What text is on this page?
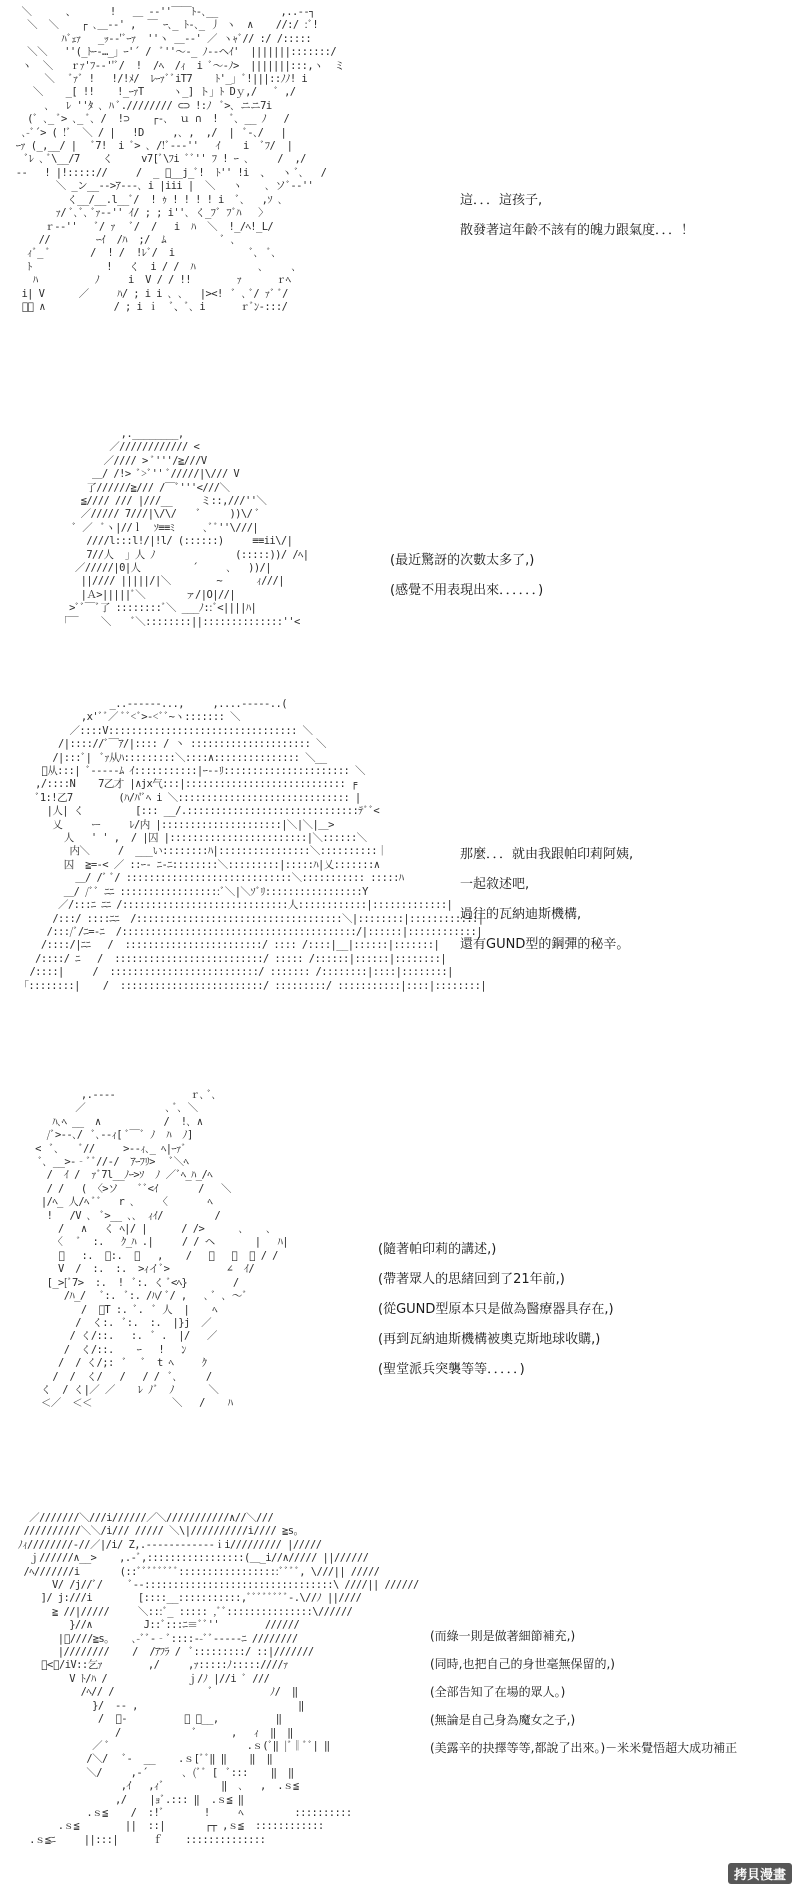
＼      、      !   ＿ -‐''￣￣ﾄ-､__           ,..-‐┐
＼  ＼    ┌ ､＿-‐' ,  ￣ ｰ､_ ﾄ-､_ 丿 ヽ  ∧    //:/ :ﾞ!
ﾊﾞｪｧ   _ｯ-‐'ﾞｰｧ  ''ヽ ＿-‐' ／ ヽｬﾞ// :/ /:::::
＼＼   ''(_ﾄｰ-…_」ｰ'´ /  ﾞ''～-_ ﾉ-‐ヘｲ'  |||||||:::::::/
ヽ  ＼   ｒｧ'ﾌ-‐''ﾞ/  !  /ﾍ  /ｨ  i ﾞ～-ﾉ>  |||||||:::,ヽ  ミ
＼   ﾞｧﾞ !   !/!ﾒ/  ﾚｰｧﾞﾞiT7    ﾄ'_」ﾞ!|||::ﾉﾉ! i
＼    _[ !!    !_ｰｧT     ヽ_] ト」ﾄ Dｙ,/   ﾞ ,/
､   ﾚ ''ﾀ ､ ﾊ ﾞ.//////// ⊂⊃ !:ﾉ  ﾞ>､ ニニ7i
(ﾞ ､_ ﾞ> ､_ ﾞ､ /  !⊃    ┌-､  ｕ ∩  !  ﾞ､ __ ﾉ   /
､-ﾞ´> ( !ﾞ  ＼ / |   !D     ,､ ,  ,/  |  ﾞ-､/   |
ｰｧ (_,__/ |   ﾞ7!  i ﾞ> ､ /!ﾞ-‐-''   ｲ    i  ﾞﾌ/  |
ﾞﾚ ､ ﾞ\__/7    く     v7[ﾞ\ﾌi ﾞﾞ'' ﾌ ! ｰ ､     /  ,/
‐‐   ! |!::::://     /  _ ﾞ__j_ﾞ!  ﾄ'' !i  、  ヽ ﾞ､   /
＼ _ン__-‐>ｱ‐‐‐､ i |iii |  ＼   ヽ    ､ ソﾞ‐-''
く__/__.l__ﾞ/  ! ｩ ! ! ! ! i  ﾞ､   ,ｿ ､
ｧ/ ﾞ､ﾞ､ ﾞｧ‐‐'' ｲ/ ; ; i''､ く_ﾌﾞ ﾌﾞﾊ   〉
ｒ‐‐''   ﾞ/ ｧ   ﾞ/  /   i  ﾊ  ＼  !_/ﾍ!_L/
//        ｰｲ  /ﾊ  ;/  ﾑ          ﾞ ､
ｨﾞ_ ﾞ       /  ! /  !ﾚﾞ/  i             ﾞ､  ﾞ､
ﾄ             !   く  i / /  ﾊ           ､     ､
ﾊ          ﾉ     i  V / / !!        ｧ      ｒﾍ
i| V      ／     ﾊ/ ; i i ､ ､   |><!  ﾞ ､ ﾞ/ ｧﾞ ﾞ/
ﾞ､ ∧            / ; i ｉ  ﾞ、ﾞ､ i      ｒﾞﾝ-:::/
這．．．這孩子,
散發著這年齡不該有的魄力跟氣度．．．！
,.________,
／//////////// <
／//// > ﾞ'''/≧///V
＿/ /!> ﾞ>ﾞ'' ﾞ/////|\/// V
了//////≧/// /￣ﾞ'''<///＼
≦//// /// |///__     ミ::,///''＼
／///// 7///|\/\/    ﾞ     ))\/ ﾞ
ﾞ ／  ﾞヽ|//ｌ  ｿ≡≡ﾐ     ､ﾞﾞ''\///|
////l:::l!/|!l/ (::::::)     ≡≡ii\/|
7//人  」人 ﾉ              (:::::))/ /ﾍ|
／/////|0|人         ´     ､   ))/|
||//// |||||/|＼        ~      ｨ///|
|Ａ>|||||ﾞ＼       ァ/|O|//|
>ﾞﾞ￣ﾞ了 ::::::::ﾞ＼ ___ﾉ::ﾞ<||||ﾊ|
｢￣    ＼    ﾞ＼::::::::||::::::::::::::''<
(最近驚訝的次數太多了,)
(感覺不用表現出來．．．．．．)
_..-‐‐‐‐‐...,     ,....--‐‐‐..(
,x'ﾞﾞ／ ﾞﾞ<ﾞ>-<ﾞﾞ~ヽ::::::: ＼
／::::V::::::::::::::::::::::::::::::::: ＼
/|:::://ﾞ￣ｱ/|:::: / 丶 ::::::::::::::::::::: ＼
/|:::ﾞ|  ﾞｧ从ﾊ:::::::::＼::::∧::::::::::::::: ＼__
ﾞ从:::| ﾞ-‐‐‐‐ﾑ ｲ:::::::::::|ｰ-‐ﾘ:::::::::::::::::::::: ＼
,/::::N    7乙才 |∧jx气:::|:::::::::::::::::::::::::::: ╒
ﾞ1:!乙7        (ﾊ/ﾊ'ﾞﾍ i ＼:::::::::::::::::::::::::::::: |
|人| く         [::: __/.::::::::::::::::::::::::::::::ﾃﾞﾞ<
乂     ー     ﾚ/内 |:::::::::::::::::::::|＼|＼|＿>
人   ' ' ,  / |囚 |::::::::::::::::::::::::|＼::::::＼
内＼     /  ___い::::::::ﾊ|::::::::::::::::＼::::::::::｜
囚  ≧=-< ／ ::ｰ- ﾆ-ﾆ::::::::＼:::::::::|:::::ﾊ|乂:::::::∧
＿/ /ﾞ ﾞ/ :::::::::::::::::::::::::::::＼::::::::::: :::::ﾊ
＿/ /ﾞﾞ ﾆﾆ ::::::::::::::::::ﾞ＼|＼ｿﾞﾘ:::::::::::::::::Y
／/:::ﾆ ﾆﾆ /:::::::::::::::::::::::::::::人::::::::::::|:::::::::::::|
/:::/ ::::ﾆﾆ  /::::::::::::::::::::::::::::::::::::＼|::::::::|::::::::::::|
/:::/ﾞ/ﾆ=-ﾆ  /:::::::::::::::::::::::::::::::::::::::::/|::::::|::::::::::::|
/::::/|ﾆﾆ   /  ::::::::::::::::::::::::/ :::: /::::|__|::::::|:::::::|
/::::/ ﾆ   /  ::::::::::::::::::::::::::/ ::::: /::::::|::::::|::::::::|
/::::|     /  ::::::::::::::::::::::::::/ ::::::: /::::::::|::::|::::::::|
｢::::::::|    /  :::::::::::::::::::::::::/ :::::::::/ :::::::::::|::::|::::::::|
那麼．．．就由我跟帕印莉阿姨,
一起敘述吧,
過往的瓦納迪斯機構,
還有GUND型的鋼彈的秘辛。
,.----             ｒ､ ﾞ､
／              ､ ﾞ､ ＼
ﾊ､ﾍ __  ∧           /  !､ ∧
/ﾞ>-‐､/  ﾞ､-‐ｨ[ ﾞ￣ﾞ ﾉ  ﾊ  ﾉ]
<  ﾞ､    ﾞ//     >-‐ｨ､_ ﾍ|ｰｧﾞ
ﾞ､ __>-‐ﾞﾞ//-/  ｱｰﾌﾘ>   ﾞ＼ﾍ
/  ｲ /  ｧﾞ7l__ﾉｰ>ｿ  ﾉ ／ﾞﾍ_ﾊ_/ﾍ
/ /   ( 〈>ソ    ﾞﾞ<ｲ       /   ＼
|/ﾍ_ 人/ﾍ ﾞﾞ   r ､    〈       ﾍ
!   /V ､  ﾞ>__ ､､  ｨｲ/         /
/   ∧   く ﾍ|/ |      / />      ､    ､
〈   ﾞ  :.   ｸ_ﾊ .|     / / ヘ       |   ﾊ|
ﾞ   :.  ﾞ:.  ﾞ   ,    /   ､   ､  ﾞ / /
V  /  :.  :.  >ｨイﾞ>          ∠  ｲ/
[_>[ﾞ7>  :.  !  ﾞ:. く ﾞ<ﾍ}        /
/ﾊ_/   ﾞ:.  ﾞ:. /ﾊ/ ﾞ/ ,   ､ ﾞ ､ ～ﾞ
/  ﾞT :. ﾞ.  ﾞ 人  |    ﾍ
/  く:.  ﾞ:.  :.  |}j  ／
/ く/::.   :.  ﾞ .  |/   ／
/  く/::.    ｰ   !   ﾝ
/  / く/;:  ﾞ   ﾞ  t ﾍ     ｸ
/  /  く/   /   / /  ﾞ､     /
く  / く|／ ／    ﾚ ﾉﾞ  ﾉ      ＼
＜／  ＜＜              ＼   /    ﾊ
(隨著帕印莉的講述,)
(帶著眾人的思緒回到了21年前,)
(從GUND型原本只是做為醫療器具存在,)
(再到瓦納迪斯機構被奧克斯地球收購,)
(聖堂派兵突襲等等．．．．．)
／///////＼///i//////／＼///////////∧//＼///
//////////＼＼/i/// ///// ＼\|//////////i//// ≧s｡
ﾉｨ////////-//／|/i/ Z,.-‐‐‐‐‐‐‐‐‐‐-ｉi///////// |/////
ｊ//////∧__>    ,.-ﾞ,:::::::::::::::::(＿_i//∧///// ||//////
/ﾍ///////i       (::ﾞﾞﾞﾞﾞﾞﾞﾞ::::::::::::::::::ﾞﾞﾞﾞ, \///|| /////
V/ /j//ﾞ/     ﾞ-‐:::::::::::::::::::::::::::::::::\ ////|| //////
]/ j:///i        [::::__:::::::::::,ﾞﾞﾞﾞﾞﾞﾞﾞ-.\//ﾉ ||////
≧ //|/////     ＼:::ﾞ_ ::::: ,ﾞﾞ:::::::::::::::\//////
}//∧         J::ﾞ:::ﾆ≡ﾞﾞ''        //////
|ﾞ////≧s｡    ､-ﾞﾞ‐‐ﾞ::::--ﾞﾞ‐‐-‐‐ﾆ ////////
|////////    /  /ｱﾌﾗ /  ﾞ:::::::::/ ::|///////
ﾞ<ﾞ/iV::乞ｧ        ,/     ,ｧ:::::ﾉ:::::////ｧ
V ﾄ/ﾊ /              ｊ/ﾉ |//i ﾞ ///
/ﾍ// /                 ﾞ          ﾉ/  ‖
}/  ‐‐ ,                            ‖
/  ﾞ-          ､ ＿__,          ‖
/             ﾞ      ,   ｨ  ‖  ‖
／ ﾞ                        .ｓ(ﾞ‖ |ﾞ‖ﾞﾞ| ‖
/＼/   ﾞ-  __    .ｓ[ﾞﾞ‖ ‖    ‖  ‖
＼/     ,-´      ､ (ﾞﾞ [  ﾞ:::    ‖  ‖
,ｲ   ,ｨﾞ          ‖  ､   ,  .ｓ≦
,/    |ｮﾞ.::: ‖  .ｓ≦ ‖
.ｓ≦    /  :!ﾞ       !     ﾍ         ::::::::::
.ｓ≦        ||  ::|       ┌┬ ,ｓ≦  ::::::::::::
.ｓ≦ﾆ     ||:::|      ｆ    ::::::::::::::
(而綠一則是做著細節補充,)
(同時,也把自己的身世毫無保留的,)
(全部告知了在場的眾人。)
(無論是自己身為魔女之子,)
(美露辛的抉擇等等,都說了出來。)－米米覺悟超大成功補正
拷貝漫畫
